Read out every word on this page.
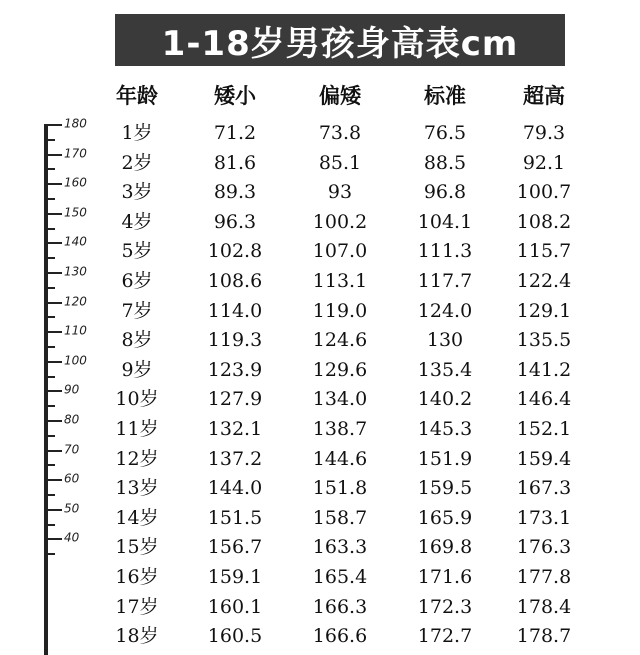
1-18岁男孩身高表cm
年龄	矮小	偏矮	标准	超高
180
170
160
150
140
130
120
110
100
90
80
70
60
50
40
1岁	71.2	73.8	76.5	79.3
2岁	81.6	85.1	88.5	92.1
3岁	89.3	93	96.8	100.7
4岁	96.3	100.2	104.1 108.2
5岁	102.8	107.0	111.3 115.7
6岁	108.6	113.1	117.7 122.4
7岁	114.0	119.0	124.0 129.1
8岁	119.3	124.6	130	135.5
9岁	123.9	129.6	135.4 141.2
10岁	127.9	134.0	140.2 146.4
11岁	132.1	138.7	145.3 152.1
12岁	137.2	144.6	151.9 159.4
13岁	144.0	151.8	159.5 167.3
14岁	151.5	158.7	165.9 173.1
15岁	156.7	163.3	169.8 176.3
16岁	159.1	165.4	171.6 177.8
17岁	160.1	166.3	172.3 178.4
18岁	160.5	166.6	172.7 178.7
